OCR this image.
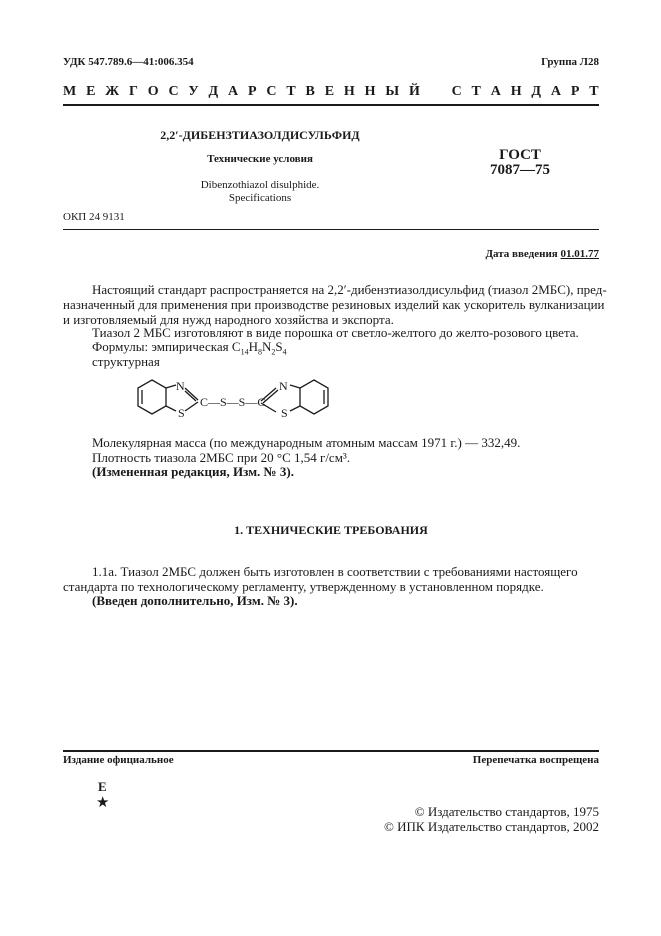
УДК 547.789.6—41:006.354	Группа Л28
М Е Ж Г О С У Д А Р С Т В Е Н Н Ы Й С Т А Н Д А Р Т
2,2′-ДИБЕНЗТИАЗОЛДИСУЛЬФИД
Технические условия
Dibenzothiazol disulphide.
Specifications
ГОСТ
7087—75
ОКП 24 9131
Дата введения 01.01.77
Настоящий стандарт распространяется на 2,2′-дибензтиазолдисульфид (тиазол 2МБС), пред-
назначенный для применения при производстве резиновых изделий как ускоритель вулканизации
и изготовляемый для нужд народного хозяйства и экспорта.
Тиазол 2 МБС изготовляют в виде порошка от светло-желтого до желто-розового цвета.
Формулы: эмпирическая $C_{14}H_8N_2S_4$
структурная
N
S
C—S—S—C
N
S
Молекулярная масса (по международным атомным массам 1971 г.) — 332,49.
Плотность тиазола 2МБС при 20 °С 1,54 г/см³.
(Измененная редакция, Изм. № 3).
1. ТЕХНИЧЕСКИЕ ТРЕБОВАНИЯ
1.1а. Тиазол 2МБС должен быть изготовлен в соответствии с требованиями настоящего
стандарта по технологическому регламенту, утвержденному в установленном порядке.
(Введен дополнительно, Изм. № 3).
Издание официальное	Перепечатка воспрещена
Е
★
© Издательство стандартов, 1975
© ИПК Издательство стандартов, 2002
